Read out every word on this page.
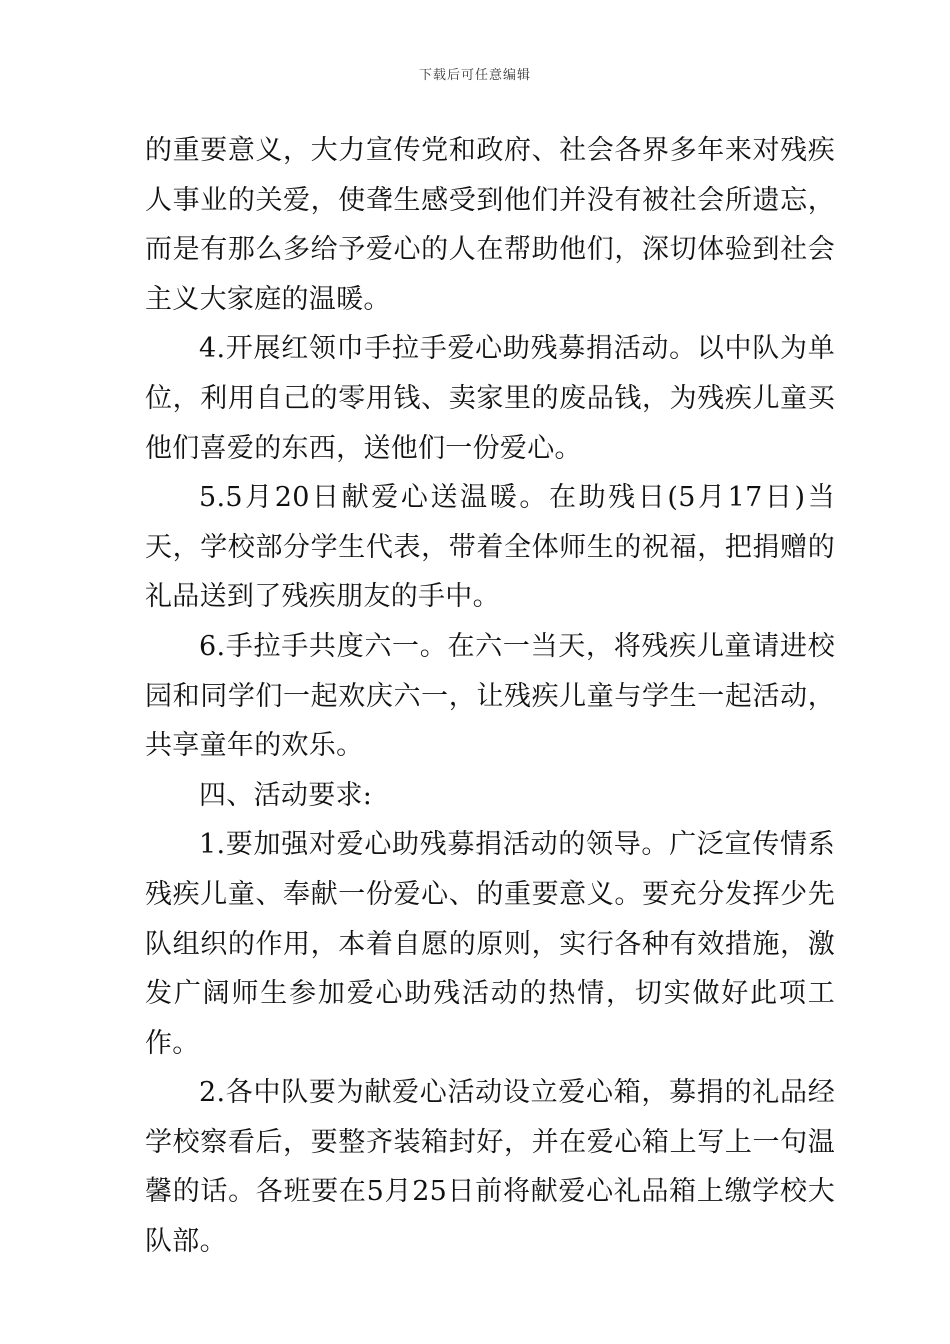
下载后可任意编辑

的重要意义，大力宣传党和政府、社会各界多年来对残疾人事业的关爱，使聋生感受到他们并没有被社会所遗忘，而是有那么多给予爱心的人在帮助他们，深切体验到社会主义大家庭的温暖。

4.开展红领巾手拉手爱心助残募捐活动。以中队为单位，利用自己的零用钱、卖家里的废品钱，为残疾儿童买他们喜爱的东西，送他们一份爱心。

5.5月20日献爱心送温暖。在助残日(5月17日)当天，学校部分学生代表，带着全体师生的祝福，把捐赠的礼品送到了残疾朋友的手中。

6.手拉手共度六一。在六一当天，将残疾儿童请进校园和同学们一起欢庆六一，让残疾儿童与学生一起活动，共享童年的欢乐。

四、活动要求:

1.要加强对爱心助残募捐活动的领导。广泛宣传情系残疾儿童、奉献一份爱心、的重要意义。要充分发挥少先队组织的作用，本着自愿的原则，实行各种有效措施，激发广阔师生参加爱心助残活动的热情，切实做好此项工作。

2.各中队要为献爱心活动设立爱心箱，募捐的礼品经学校察看后，要整齐装箱封好，并在爱心箱上写上一句温馨的话。各班要在5月25日前将献爱心礼品箱上缴学校大队部。
